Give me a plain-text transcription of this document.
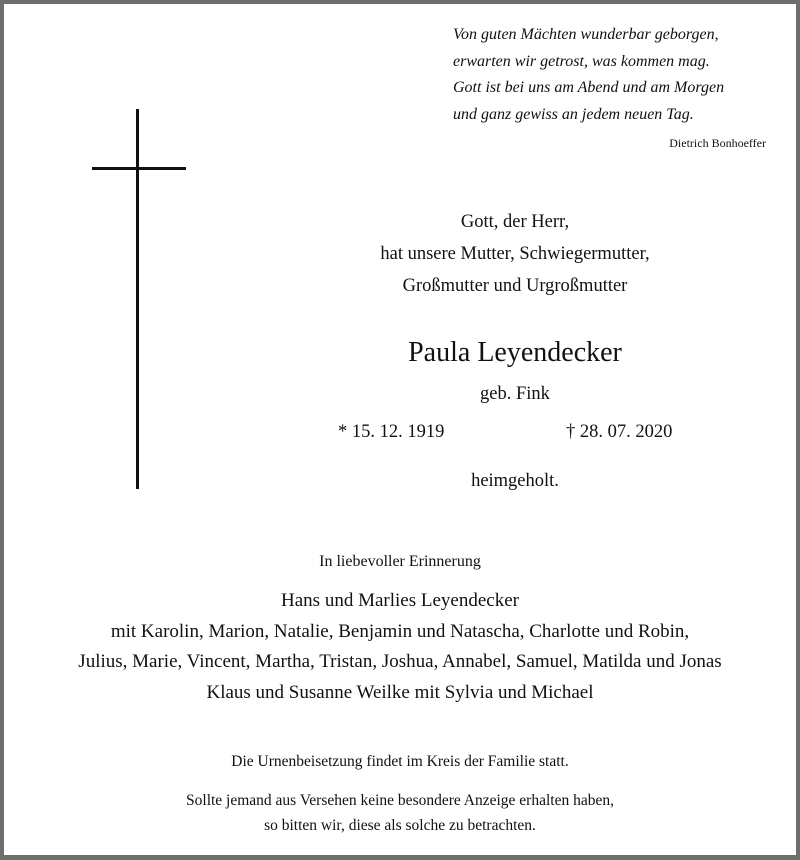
Von guten Mächten wunderbar geborgen,
erwarten wir getrost, was kommen mag.
Gott ist bei uns am Abend und am Morgen
und ganz gewiss an jedem neuen Tag.
Dietrich Bonhoeffer
Gott, der Herr,
hat unsere Mutter, Schwiegermutter,
Großmutter und Urgroßmutter
Paula Leyendecker
geb. Fink
* 15. 12. 1919	† 28. 07. 2020
heimgeholt.
In liebevoller Erinnerung
Hans und Marlies Leyendecker
mit Karolin, Marion, Natalie, Benjamin und Natascha, Charlotte und Robin,
Julius, Marie, Vincent, Martha, Tristan, Joshua, Annabel, Samuel, Matilda und Jonas
Klaus und Susanne Weilke mit Sylvia und Michael
Die Urnenbeisetzung findet im Kreis der Familie statt.
Sollte jemand aus Versehen keine besondere Anzeige erhalten haben,
so bitten wir, diese als solche zu betrachten.
